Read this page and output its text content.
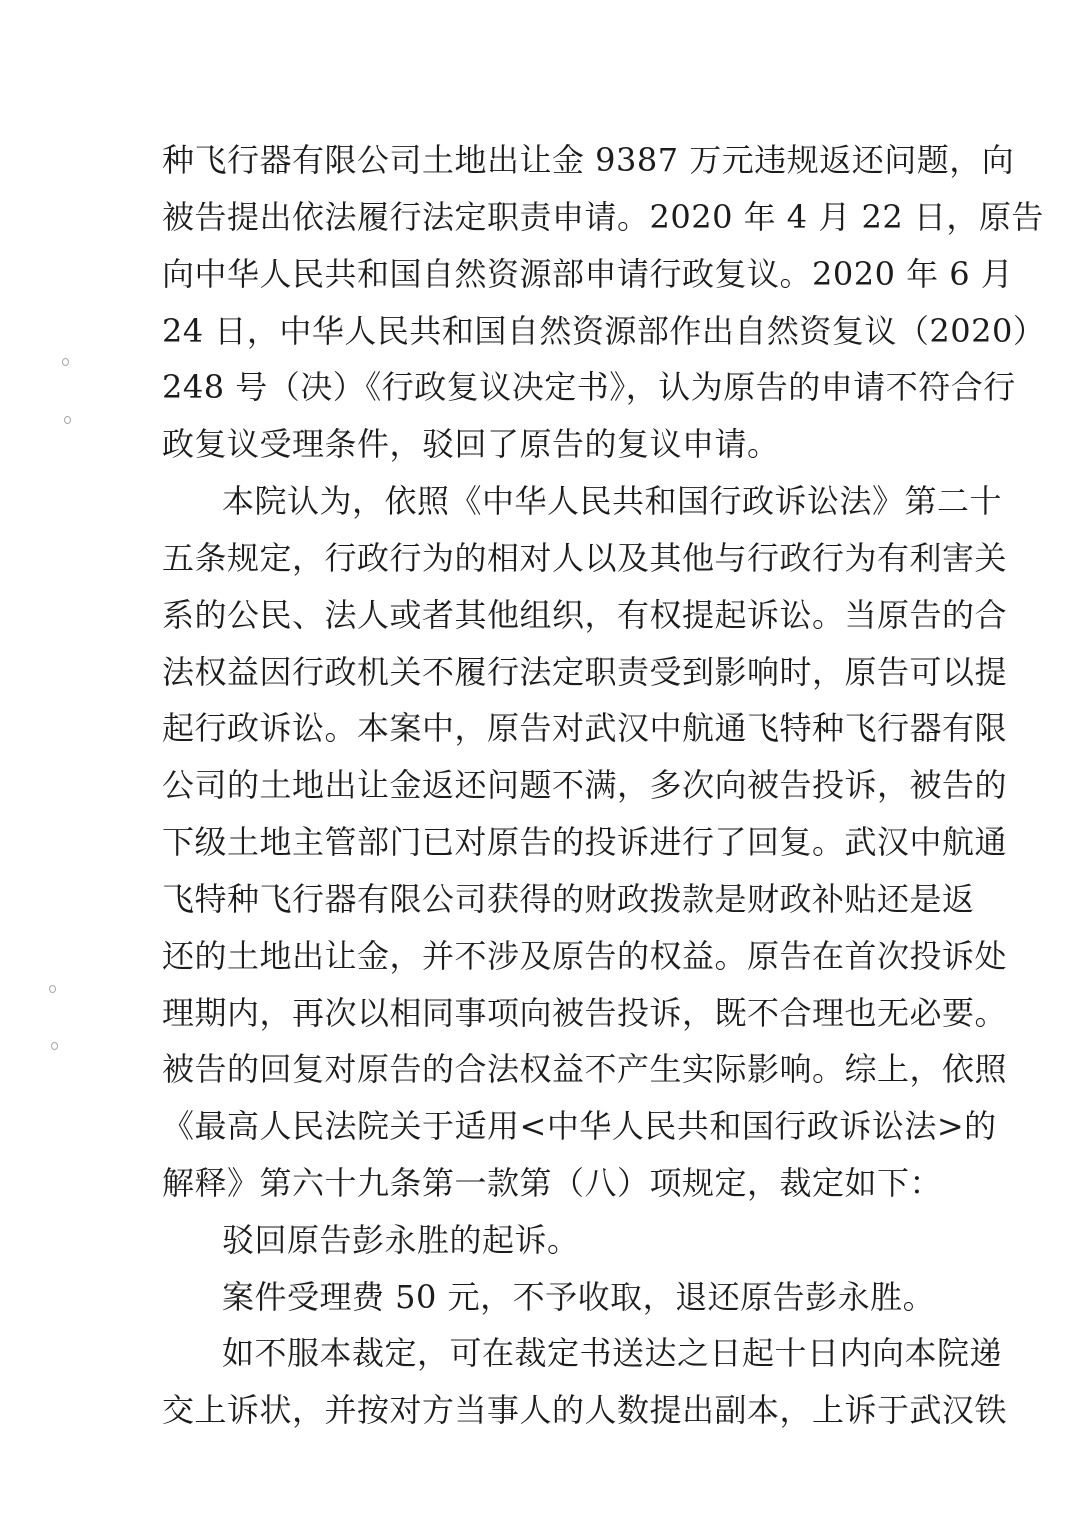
种飞行器有限公司土地出让金 9387 万元违规返还问题，向
被告提出依法履行法定职责申请。2020 年 4 月 22 日，原告
向中华人民共和国自然资源部申请行政复议。2020 年 6 月
24 日，中华人民共和国自然资源部作出自然资复议（2020）
248 号（决）《行政复议决定书》，认为原告的申请不符合行
政复议受理条件，驳回了原告的复议申请。
本院认为，依照《中华人民共和国行政诉讼法》第二十
五条规定，行政行为的相对人以及其他与行政行为有利害关
系的公民、法人或者其他组织，有权提起诉讼。当原告的合
法权益因行政机关不履行法定职责受到影响时，原告可以提
起行政诉讼。本案中，原告对武汉中航通飞特种飞行器有限
公司的土地出让金返还问题不满，多次向被告投诉，被告的
下级土地主管部门已对原告的投诉进行了回复。武汉中航通
飞特种飞行器有限公司获得的财政拨款是财政补贴还是返
还的土地出让金，并不涉及原告的权益。原告在首次投诉处
理期内，再次以相同事项向被告投诉，既不合理也无必要。
被告的回复对原告的合法权益不产生实际影响。综上，依照
《最高人民法院关于适用<中华人民共和国行政诉讼法>的
解释》第六十九条第一款第（八）项规定，裁定如下：
驳回原告彭永胜的起诉。
案件受理费 50 元，不予收取，退还原告彭永胜。
如不服本裁定，可在裁定书送达之日起十日内向本院递
交上诉状，并按对方当事人的人数提出副本，上诉于武汉铁
